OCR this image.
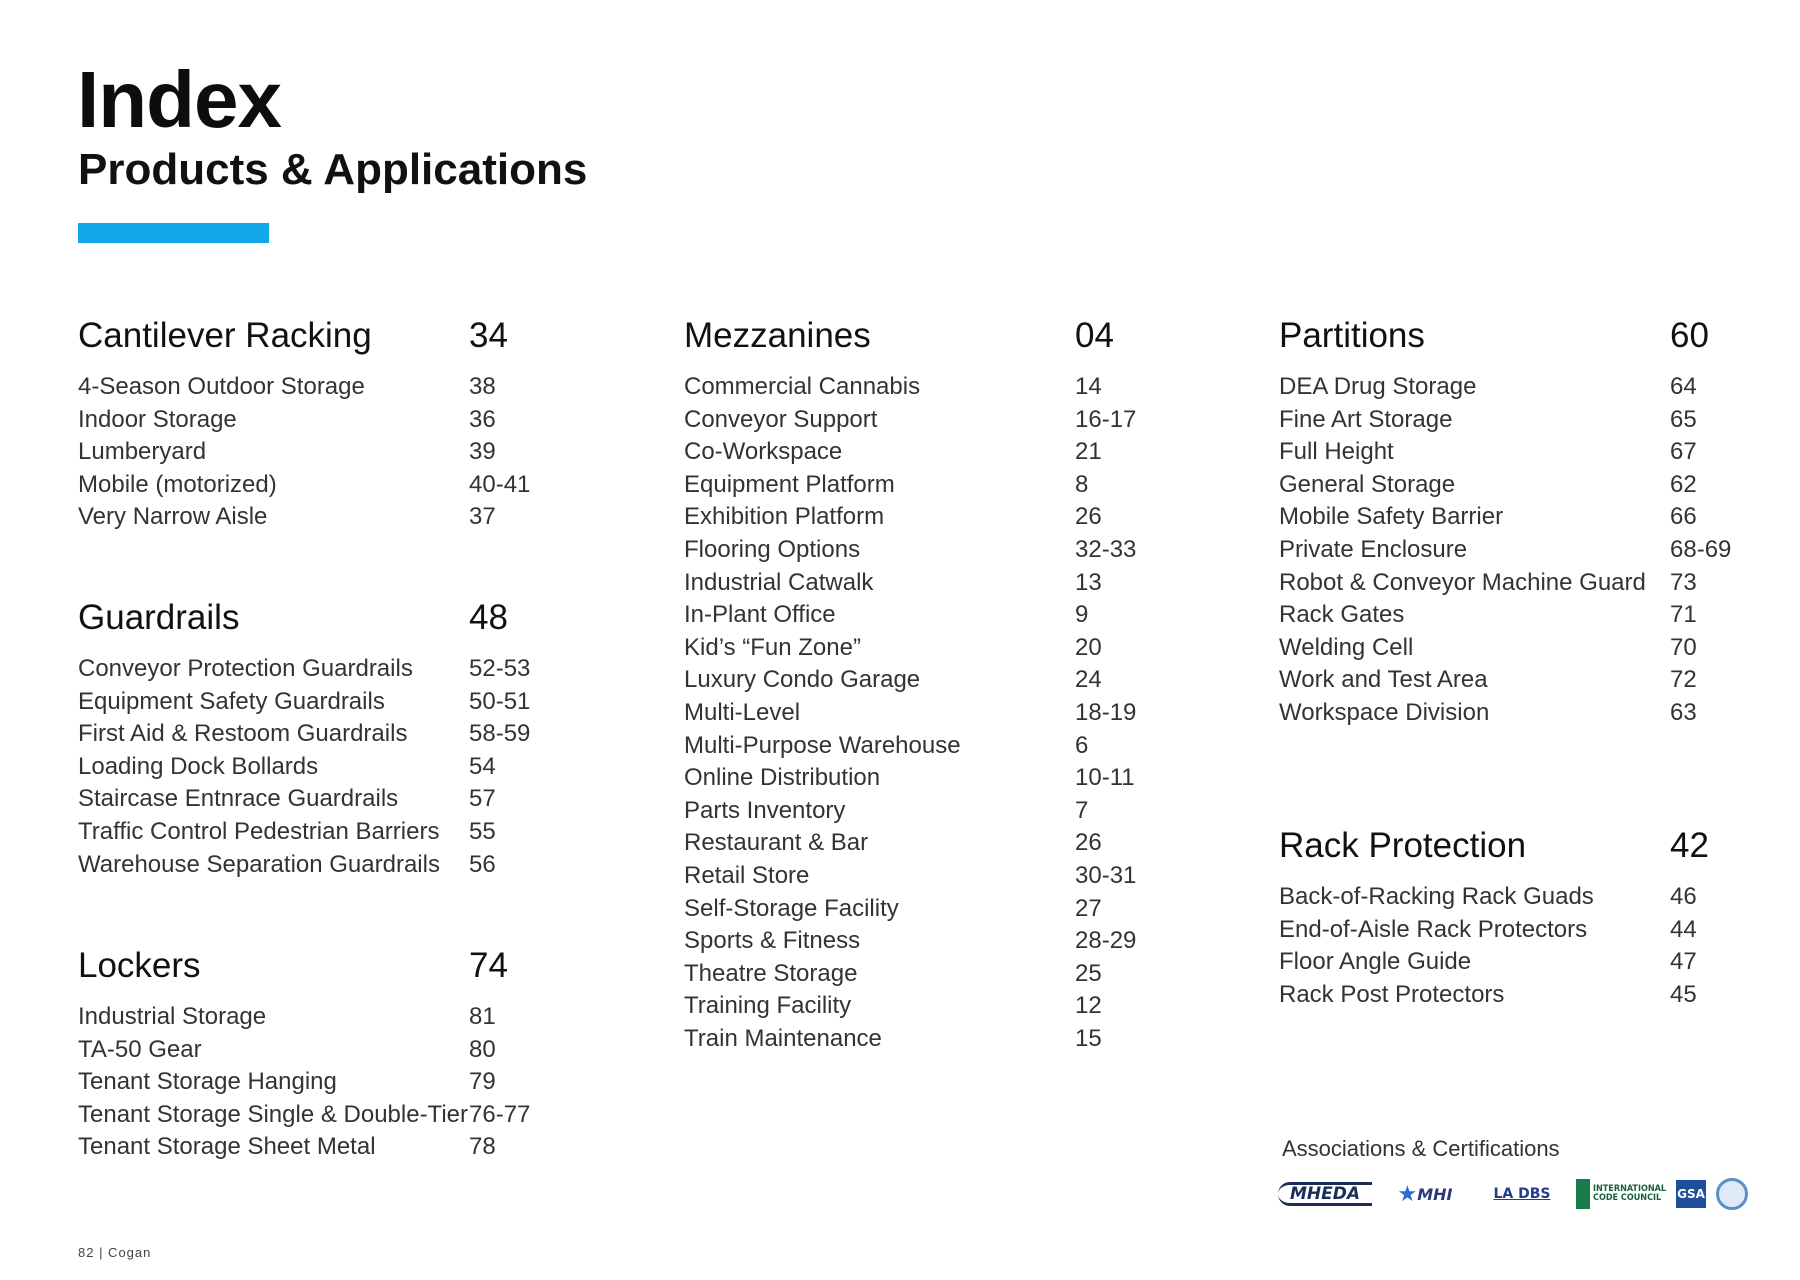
Index
Products & Applications
Cantilever Racking	34
4-Season Outdoor Storage	38
Indoor Storage	36
Lumberyard	39
Mobile (motorized)	40-41
Very Narrow Aisle	37
Guardrails	48
Conveyor Protection Guardrails 52-53
Equipment Safety Guardrails	50-51
First Aid & Restoom Guardrails	58-59
Loading Dock Bollards	54
Staircase Entnrace Guardrails	57
Traffic Control Pedestrian Barriers 55
Warehouse Separation Guardrails 56
Lockers	74
Industrial Storage	81
TA-50 Gear	80
Tenant Storage Hanging	79
Tenant Storage Single & Double-Tier 76-77
Tenant Storage Sheet Metal	78
Mezzanines	04
Commercial Cannabis	14
Conveyor Support	16-17
Co-Workspace	21
Equipment Platform	8
Exhibition Platform	26
Flooring Options	32-33
Industrial Catwalk	13
In-Plant Office	9
Kid’s “Fun Zone”	20
Luxury Condo Garage	24
Multi-Level	18-19
Multi-Purpose Warehouse	6
Online Distribution	10-11
Parts Inventory	7
Restaurant & Bar	26
Retail Store	30-31
Self-Storage Facility	27
Sports & Fitness	28-29
Theatre Storage	25
Training Facility	12
Train Maintenance	15
Partitions	60
DEA Drug Storage	64
Fine Art Storage	65
Full Height	67
General Storage	62
Mobile Safety Barrier	66
Private Enclosure	68-69
Robot & Conveyor Machine Guard 73
Rack Gates	71
Welding Cell	70
Work and Test Area	72
Workspace Division	63
Rack Protection	42
Back-of-Racking Rack Guads	46
End-of-Aisle Rack Protectors	44
Floor Angle Guide	47
Rack Post Protectors	45
Associations & Certifications
MHEDA	★ MHI	LA DBS	INTERNATIONAL CODE COUNCIL	GSA
82 | Cogan
